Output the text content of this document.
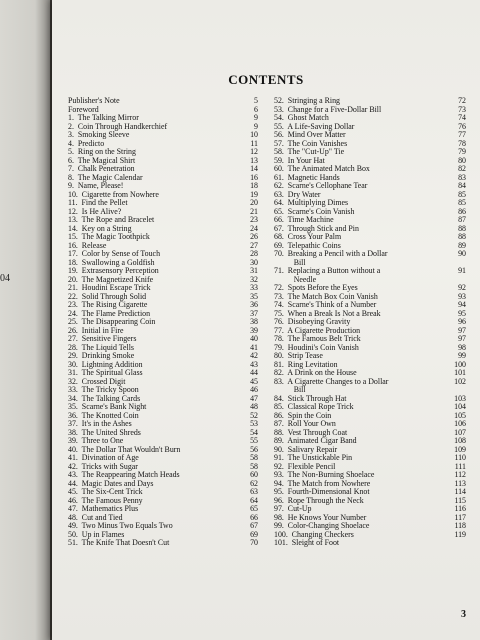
04
CONTENTS
Publisher's Note	5
Foreword	6
1.  The Talking Mirror	9
2.  Coin Through Handkerchief	9
3.  Smoking Sleeve	10
4.  Predicto	11
5.  Ring on the String	12
6.  The Magical Shirt	13
7.  Chalk Penetration	14
8.  The Magic Calendar	16
9.  Name, Please!	18
10.  Cigarette from Nowhere	19
11.  Find the Pellet	20
12.  Is He Alive?	21
13.  The Rope and Bracelet	23
14.  Key on a String	24
15.  The Magic Toothpick	26
16.  Release	27
17.  Color by Sense of Touch	28
18.  Swallowing a Goldfish	30
19.  Extrasensory Perception	31
20.  The Magnetized Knife	32
21.  Houdini Escape Trick	33
22.  Solid Through Solid	35
23.  The Rising Cigarette	36
24.  The Flame Prediction	37
25.  The Disappearing Coin	38
26.  Initial in Fire	39
27.  Sensitive Fingers	40
28.  The Liquid Tells	41
29.  Drinking Smoke	42
30.  Lightning Addition	43
31.  The Spiritual Glass	44
32.  Crossed Digit	45
33.  The Tricky Spoon	46
34.  The Talking Cards	47
35.  Scarne's Bank Night	48
36.  The Knotted Coin	52
37.  It's in the Ashes	53
38.  The United Shreds	54
39.  Three to One	55
40.  The Dollar That Wouldn't Burn	56
41.  Divination of Age	58
42.  Tricks with Sugar	58
43.  The Reappearing Match Heads	60
44.  Magic Dates and Days	62
45.  The Six-Cent Trick	63
46.  The Famous Penny	64
47.  Mathematics Plus	65
48.  Cut and Tied	66
49.  Two Minus Two Equals Two	67
50.  Up in Flames	69
51.  The Knife That Doesn't Cut	70
52.  Stringing a Ring	72
53.  Change for a Five-Dollar Bill	73
54.  Ghost Match	74
55.  A Life-Saving Dollar	76
56.  Mind Over Matter	77
57.  The Coin Vanishes	78
58.  The "Cut-Up" Tie	79
59.  In Your Hat	80
60.  The Animated Match Box	82
61.  Magnetic Hands	83
62.  Scarne's Cellophane Tear	84
63.  Dry Water	85
64.  Multiplying Dimes	85
65.  Scarne's Coin Vanish	86
66.  Time Machine	87
67.  Through Stick and Pin	88
68.  Cross Your Palm	88
69.  Telepathic Coins	89
70.  Breaking a Pencil with a Dollar	90
Bill
71.  Replacing a Button without a	91
Needle
72.  Spots Before the Eyes	92
73.  The Match Box Coin Vanish	93
74.  Scarne's Think of a Number	94
75.  When a Break Is Not a Break	95
76.  Disobeying Gravity	96
77.  A Cigarette Production	97
78.  The Famous Belt Trick	97
79.  Houdini's Coin Vanish	98
80.  Strip Tease	99
81.  Ring Levitation	100
82.  A Drink on the House	101
83.  A Cigarette Changes to a Dollar	102
Bill
84.  Stick Through Hat	103
85.  Classical Rope Trick	104
86.  Spin the Coin	105
87.  Roll Your Own	106
88.  Vest Through Coat	107
89.  Animated Cigar Band	108
90.  Salivary Repair	109
91.  The Unstickable Pin	110
92.  Flexible Pencil	111
93.  The Non-Burning Shoelace	112
94.  The Match from Nowhere	113
95.  Fourth-Dimensional Knot	114
96.  Rope Through the Neck	115
97.  Cut-Up	116
98.  He Knows Your Number	117
99.  Color-Changing Shoelace	118
100.  Changing Checkers	119
101.  Sleight of Foot
3
